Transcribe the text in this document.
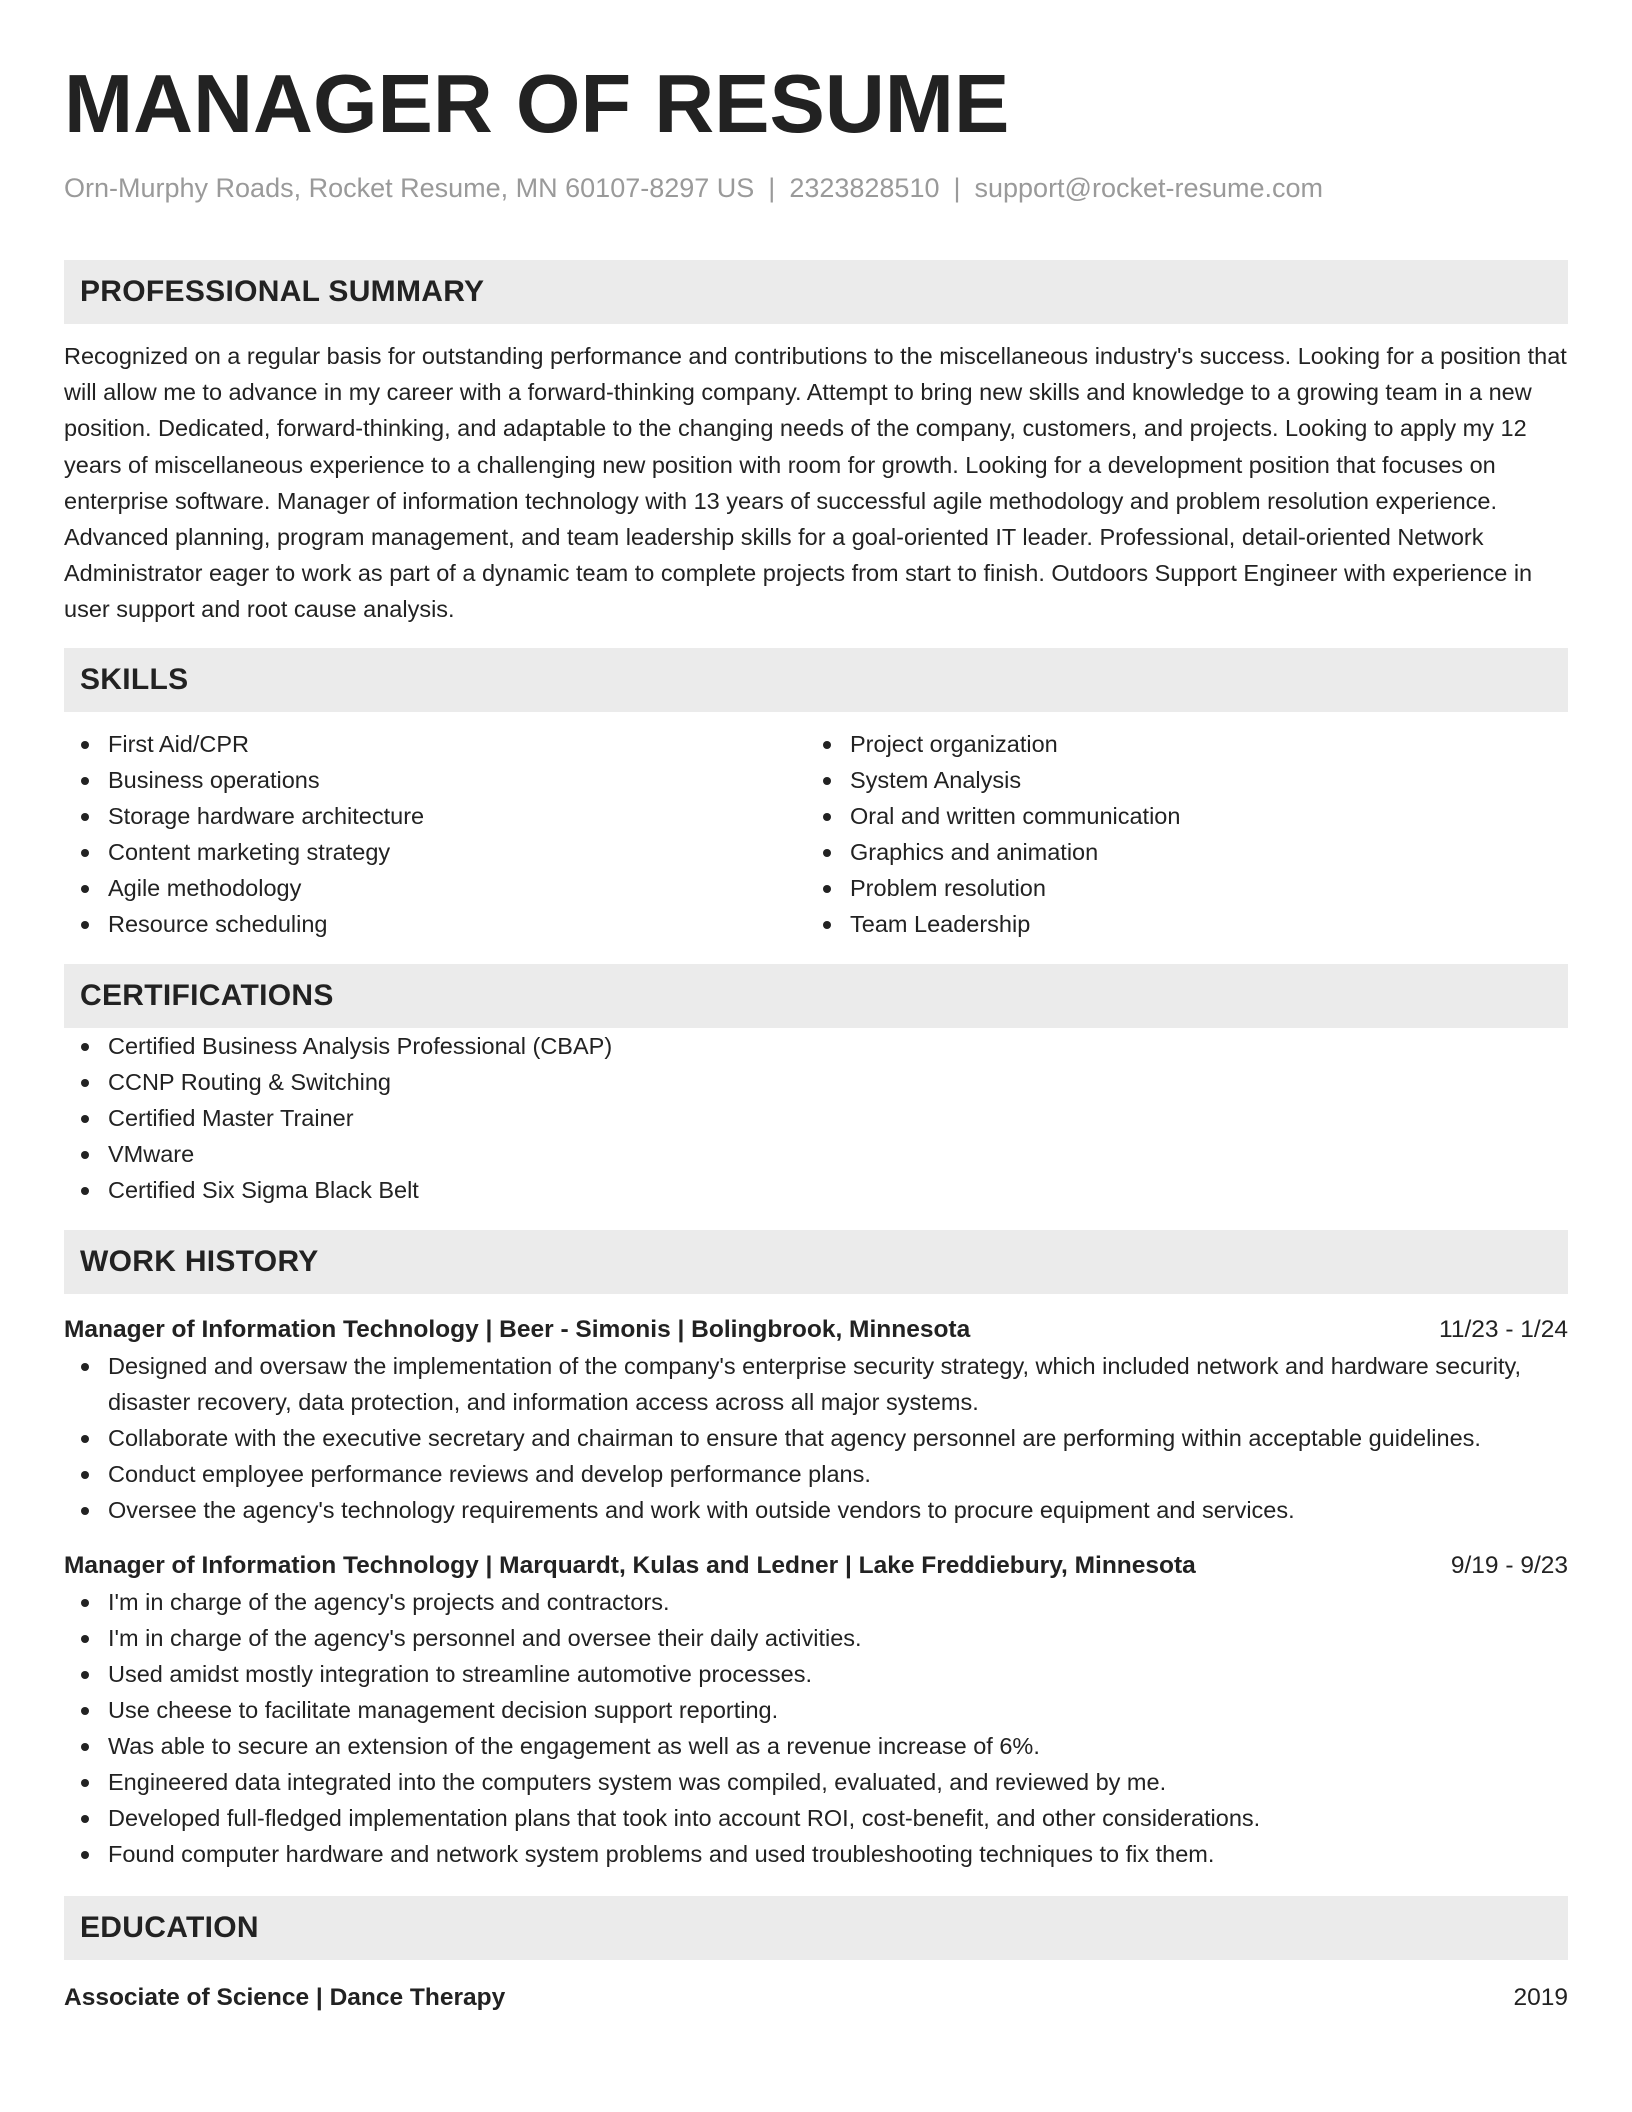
MANAGER OF RESUME
Orn-Murphy Roads, Rocket Resume, MN 60107-8297 US | 2323828510 | support@rocket-resume.com
PROFESSIONAL SUMMARY
Recognized on a regular basis for outstanding performance and contributions to the miscellaneous industry's success. Looking for a position that will allow me to advance in my career with a forward-thinking company. Attempt to bring new skills and knowledge to a growing team in a new position. Dedicated, forward-thinking, and adaptable to the changing needs of the company, customers, and projects. Looking to apply my 12 years of miscellaneous experience to a challenging new position with room for growth. Looking for a development position that focuses on enterprise software. Manager of information technology with 13 years of successful agile methodology and problem resolution experience. Advanced planning, program management, and team leadership skills for a goal-oriented IT leader. Professional, detail-oriented Network Administrator eager to work as part of a dynamic team to complete projects from start to finish. Outdoors Support Engineer with experience in user support and root cause analysis.
SKILLS
First Aid/CPR
Business operations
Storage hardware architecture
Content marketing strategy
Agile methodology
Resource scheduling
Project organization
System Analysis
Oral and written communication
Graphics and animation
Problem resolution
Team Leadership
CERTIFICATIONS
Certified Business Analysis Professional (CBAP)
CCNP Routing & Switching
Certified Master Trainer
VMware
Certified Six Sigma Black Belt
WORK HISTORY
Manager of Information Technology | Beer - Simonis | Bolingbrook, Minnesota	11/23 - 1/24
Designed and oversaw the implementation of the company's enterprise security strategy, which included network and hardware security, disaster recovery, data protection, and information access across all major systems.
Collaborate with the executive secretary and chairman to ensure that agency personnel are performing within acceptable guidelines.
Conduct employee performance reviews and develop performance plans.
Oversee the agency's technology requirements and work with outside vendors to procure equipment and services.
Manager of Information Technology | Marquardt, Kulas and Ledner | Lake Freddiebury, Minnesota	9/19 - 9/23
I'm in charge of the agency's projects and contractors.
I'm in charge of the agency's personnel and oversee their daily activities.
Used amidst mostly integration to streamline automotive processes.
Use cheese to facilitate management decision support reporting.
Was able to secure an extension of the engagement as well as a revenue increase of 6%.
Engineered data integrated into the computers system was compiled, evaluated, and reviewed by me.
Developed full-fledged implementation plans that took into account ROI, cost-benefit, and other considerations.
Found computer hardware and network system problems and used troubleshooting techniques to fix them.
EDUCATION
Associate of Science | Dance Therapy	2019
